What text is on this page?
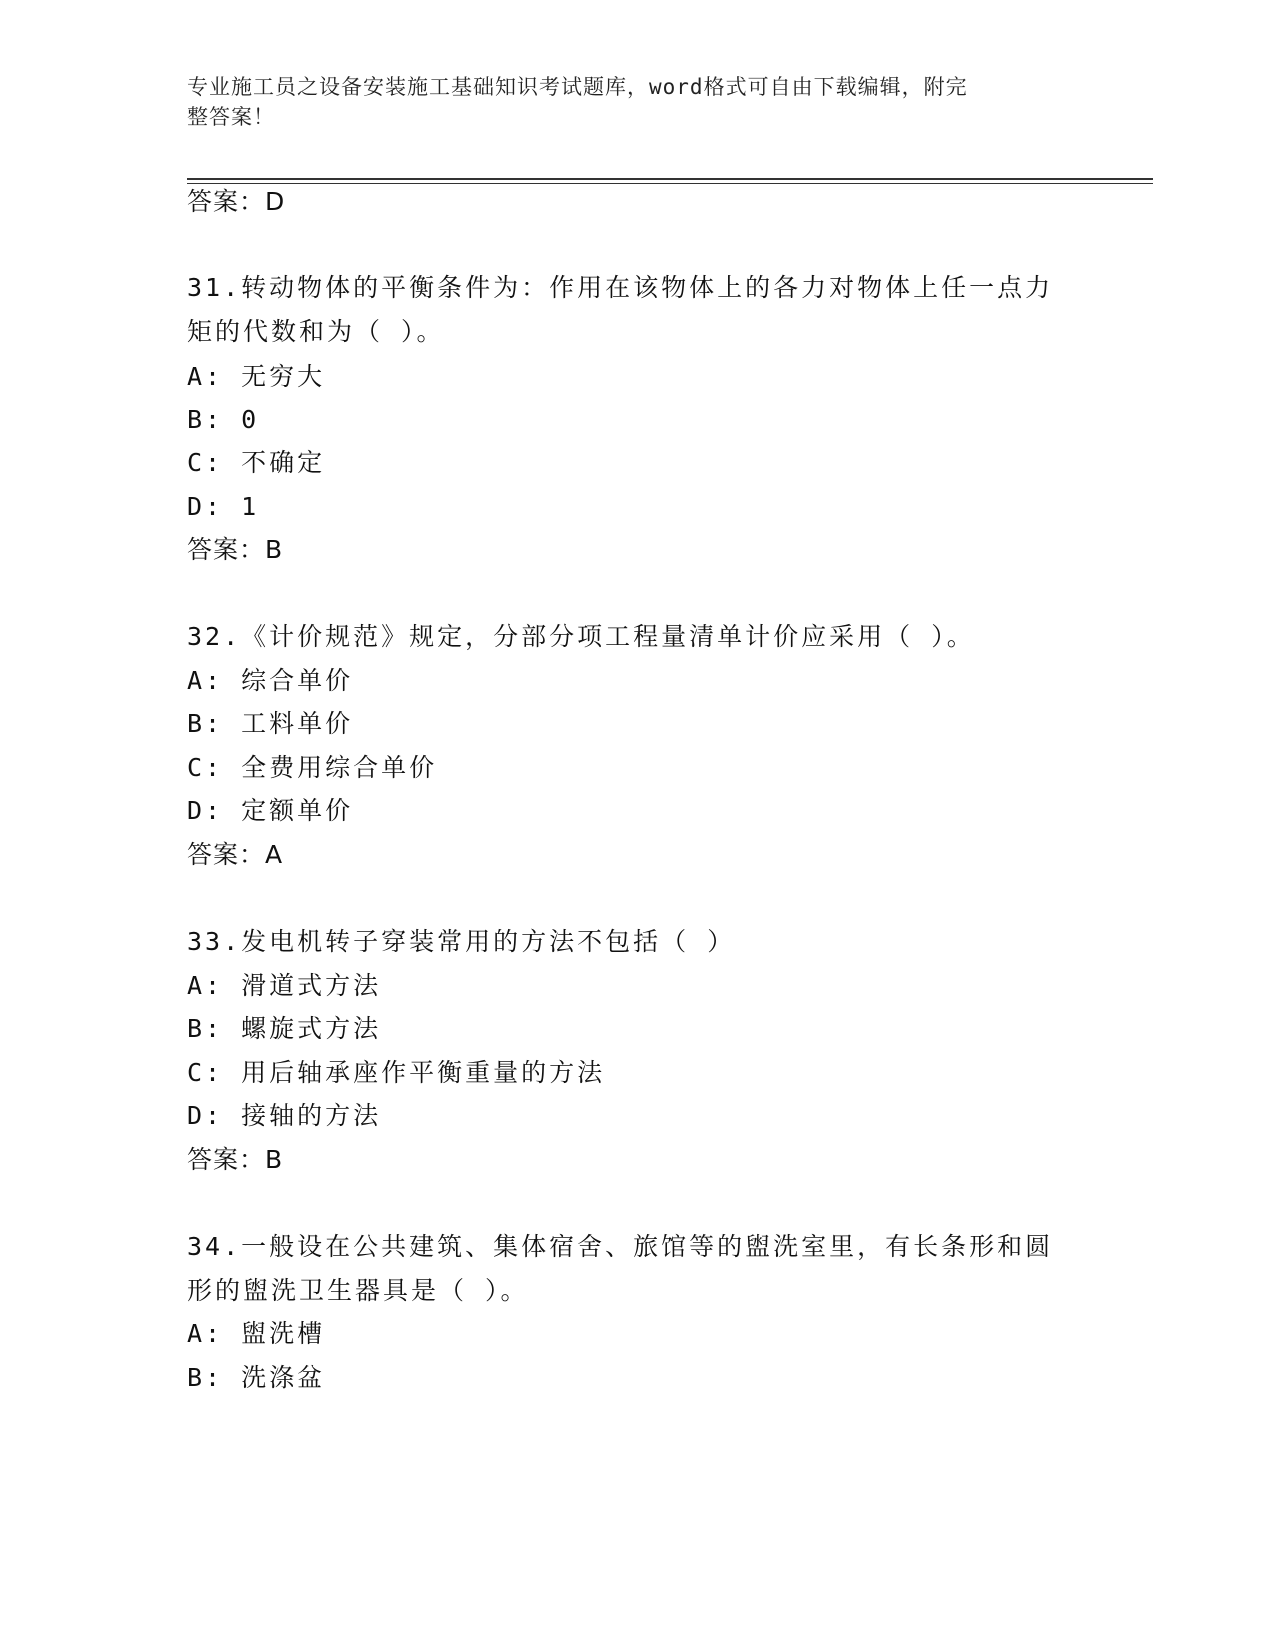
专业施工员之设备安装施工基础知识考试题库，word格式可自由下载编辑，附完
整答案！
答案：D
31.转动物体的平衡条件为：作用在该物体上的各力对物体上任一点力
矩的代数和为（ ）。
A: 无穷大
B: 0
C: 不确定
D: 1
答案：B
32.《计价规范》规定，分部分项工程量清单计价应采用（ ）。
A: 综合单价
B: 工料单价
C: 全费用综合单价
D: 定额单价
答案：A
33.发电机转子穿装常用的方法不包括（ ）
A: 滑道式方法
B: 螺旋式方法
C: 用后轴承座作平衡重量的方法
D: 接轴的方法
答案：B
34.一般设在公共建筑、集体宿舍、旅馆等的盥洗室里，有长条形和圆
形的盥洗卫生器具是（ ）。
A: 盥洗槽
B: 洗涤盆
